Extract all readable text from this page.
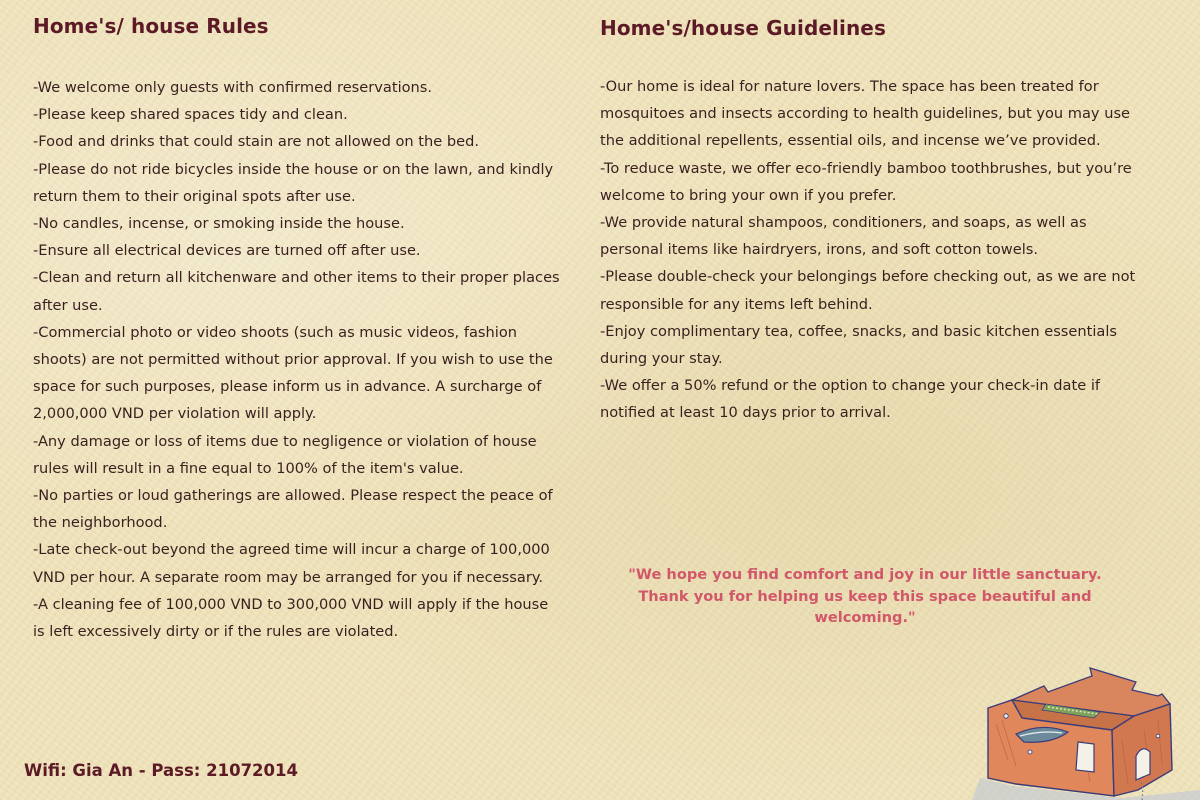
Home's/ house Rules
-We welcome only guests with confirmed reservations.
-Please keep shared spaces tidy and clean.
-Food and drinks that could stain are not allowed on the bed.
-Please do not ride bicycles inside the house or on the lawn, and kindly return them to their original spots after use.
-No candles, incense, or smoking inside the house.
-Ensure all electrical devices are turned off after use.
-Clean and return all kitchenware and other items to their proper places after use.
-Commercial photo or video shoots (such as music videos, fashion shoots) are not permitted without prior approval. If you wish to use the space for such purposes, please inform us in advance. A surcharge of 2,000,000 VND per violation will apply.
-Any damage or loss of items due to negligence or violation of house rules will result in a fine equal to 100% of the item's value.
-No parties or loud gatherings are allowed. Please respect the peace of the neighborhood.
-Late check-out beyond the agreed time will incur a charge of 100,000 VND per hour. A separate room may be arranged for you if necessary.
-A cleaning fee of 100,000 VND to 300,000 VND will apply if the house is left excessively dirty or if the rules are violated.
Home's/house Guidelines
-Our home is ideal for nature lovers. The space has been treated for mosquitoes and insects according to health guidelines, but you may use the additional repellents, essential oils, and incense we’ve provided.
-To reduce waste, we offer eco-friendly bamboo toothbrushes, but you’re welcome to bring your own if you prefer.
-We provide natural shampoos, conditioners, and soaps, as well as personal items like hairdryers, irons, and soft cotton towels.
-Please double-check your belongings before checking out, as we are not responsible for any items left behind.
-Enjoy complimentary tea, coffee, snacks, and basic kitchen essentials during your stay.
-We offer a 50% refund or the option to change your check-in date if notified at least 10 days prior to arrival.

"We hope you find comfort and joy in our little sanctuary. Thank you for helping us keep this space beautiful and welcoming."

Wifi: Gia An - Pass: 21072014
